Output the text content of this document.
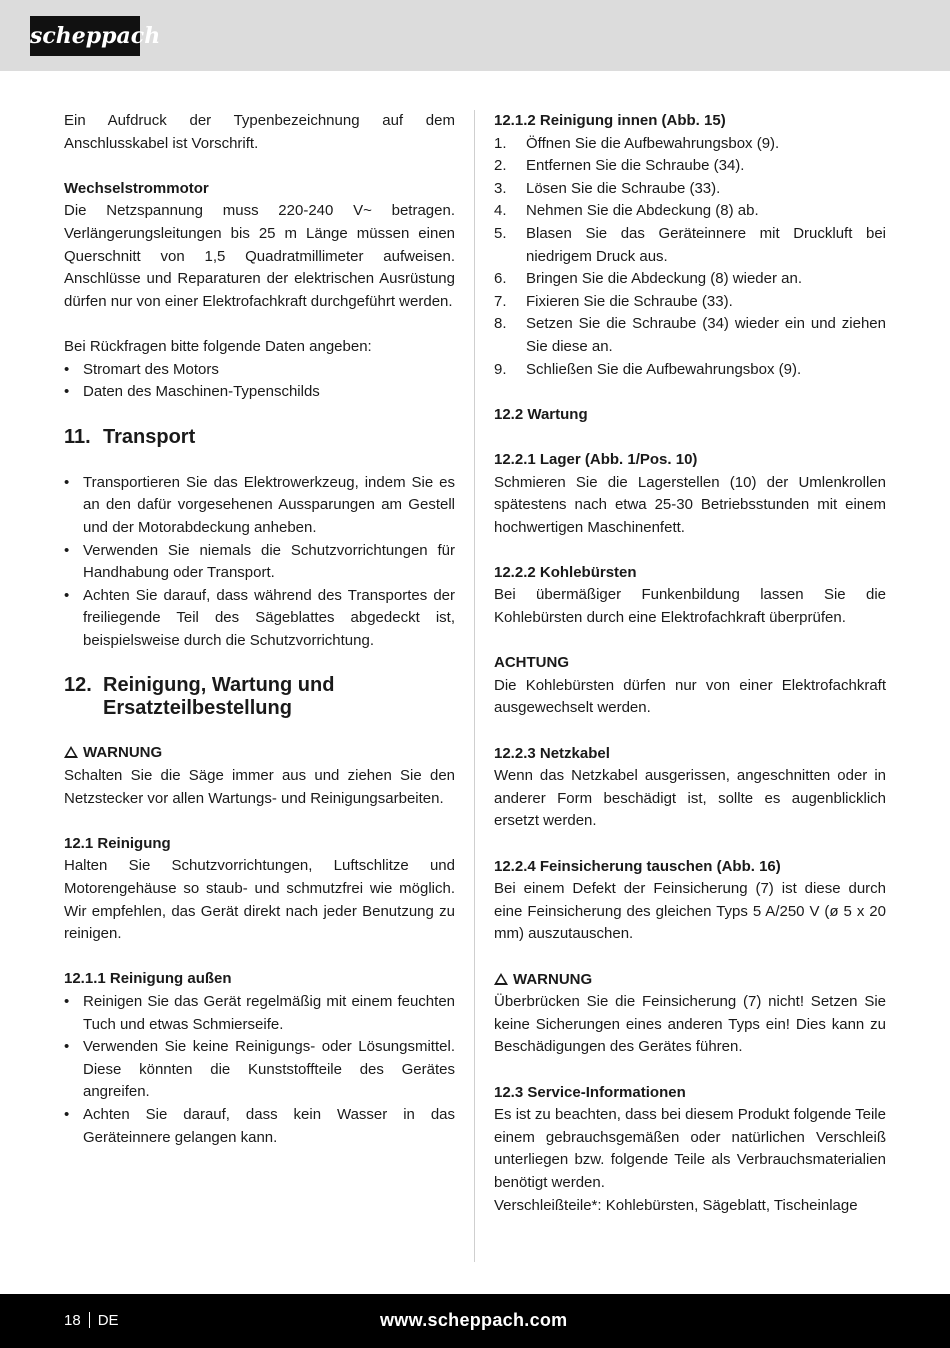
scheppach

Ein Aufdruck der Typenbezeichnung auf dem Anschlusskabel ist Vorschrift.

Wechselstrommotor

Die Netzspannung muss 220-240 V~ betragen. Verlängerungsleitungen bis 25 m Länge müssen einen Querschnitt von 1,5 Quadratmillimeter aufweisen. Anschlüsse und Reparaturen der elektrischen Ausrüstung dürfen nur von einer Elektrofachkraft durchgeführt werden.

Bei Rückfragen bitte folgende Daten angeben:

• Stromart des Motors
• Daten des Maschinen-Typenschilds
11. Transport
• Transportieren Sie das Elektrowerkzeug, indem Sie es an den dafür vorgesehenen Aussparungen am Gestell und der Motorabdeckung anheben.
• Verwenden Sie niemals die Schutzvorrichtungen für Handhabung oder Transport.
• Achten Sie darauf, dass während des Transportes der freiliegende Teil des Sägeblattes abgedeckt ist, beispielsweise durch die Schutzvorrichtung.
12. Reinigung, Wartung und
Ersatzteilbestellung

WARNUNG

Schalten Sie die Säge immer aus und ziehen Sie den Netzstecker vor allen Wartungs- und Reinigungsarbeiten.

12.1 Reinigung

Halten Sie Schutzvorrichtungen, Luftschlitze und Motorengehäuse so staub- und schmutzfrei wie möglich. Wir empfehlen, das Gerät direkt nach jeder Benutzung zu reinigen.

12.1.1 Reinigung außen

• Reinigen Sie das Gerät regelmäßig mit einem feuchten Tuch und etwas Schmierseife.
• Verwenden Sie keine Reinigungs- oder Lösungsmittel. Diese könnten die Kunststoffteile des Gerätes angreifen.
• Achten Sie darauf, dass kein Wasser in das Geräteinnere gelangen kann.

12.1.2 Reinigung innen (Abb. 15)

1. Öffnen Sie die Aufbewahrungsbox (9).
2. Entfernen Sie die Schraube (34).
3. Lösen Sie die Schraube (33).
4. Nehmen Sie die Abdeckung (8) ab.
5. Blasen Sie das Geräteinnere mit Druckluft bei niedrigem Druck aus.
6. Bringen Sie die Abdeckung (8) wieder an.
7. Fixieren Sie die Schraube (33).
8. Setzen Sie die Schraube (34) wieder ein und ziehen Sie diese an.
9. Schließen Sie die Aufbewahrungsbox (9).

12.2 Wartung

12.2.1 Lager (Abb. 1/Pos. 10)

Schmieren Sie die Lagerstellen (10) der Umlenkrollen spätestens nach etwa 25-30 Betriebsstunden mit einem hochwertigen Maschinenfett.

12.2.2 Kohlebürsten

Bei übermäßiger Funkenbildung lassen Sie die Kohlebürsten durch eine Elektrofachkraft überprüfen.

ACHTUNG

Die Kohlebürsten dürfen nur von einer Elektrofachkraft ausgewechselt werden.

12.2.3 Netzkabel

Wenn das Netzkabel ausgerissen, angeschnitten oder in anderer Form beschädigt ist, sollte es augenblicklich ersetzt werden.

12.2.4 Feinsicherung tauschen (Abb. 16)

Bei einem Defekt der Feinsicherung (7) ist diese durch eine Feinsicherung des gleichen Typs 5 A/250 V (ø 5 x 20 mm) auszutauschen.

WARNUNG

Überbrücken Sie die Feinsicherung (7) nicht! Setzen Sie keine Sicherungen eines anderen Typs ein! Dies kann zu Beschädigungen des Gerätes führen.

12.3 Service-Informationen

Es ist zu beachten, dass bei diesem Produkt folgende Teile einem gebrauchsgemäßen oder natürlichen Verschleiß unterliegen bzw. folgende Teile als Verbrauchsmaterialien benötigt werden.

Verschleißteile*: Kohlebürsten, Sägeblatt, Tischeinlage

18 DE	www.scheppach.com
